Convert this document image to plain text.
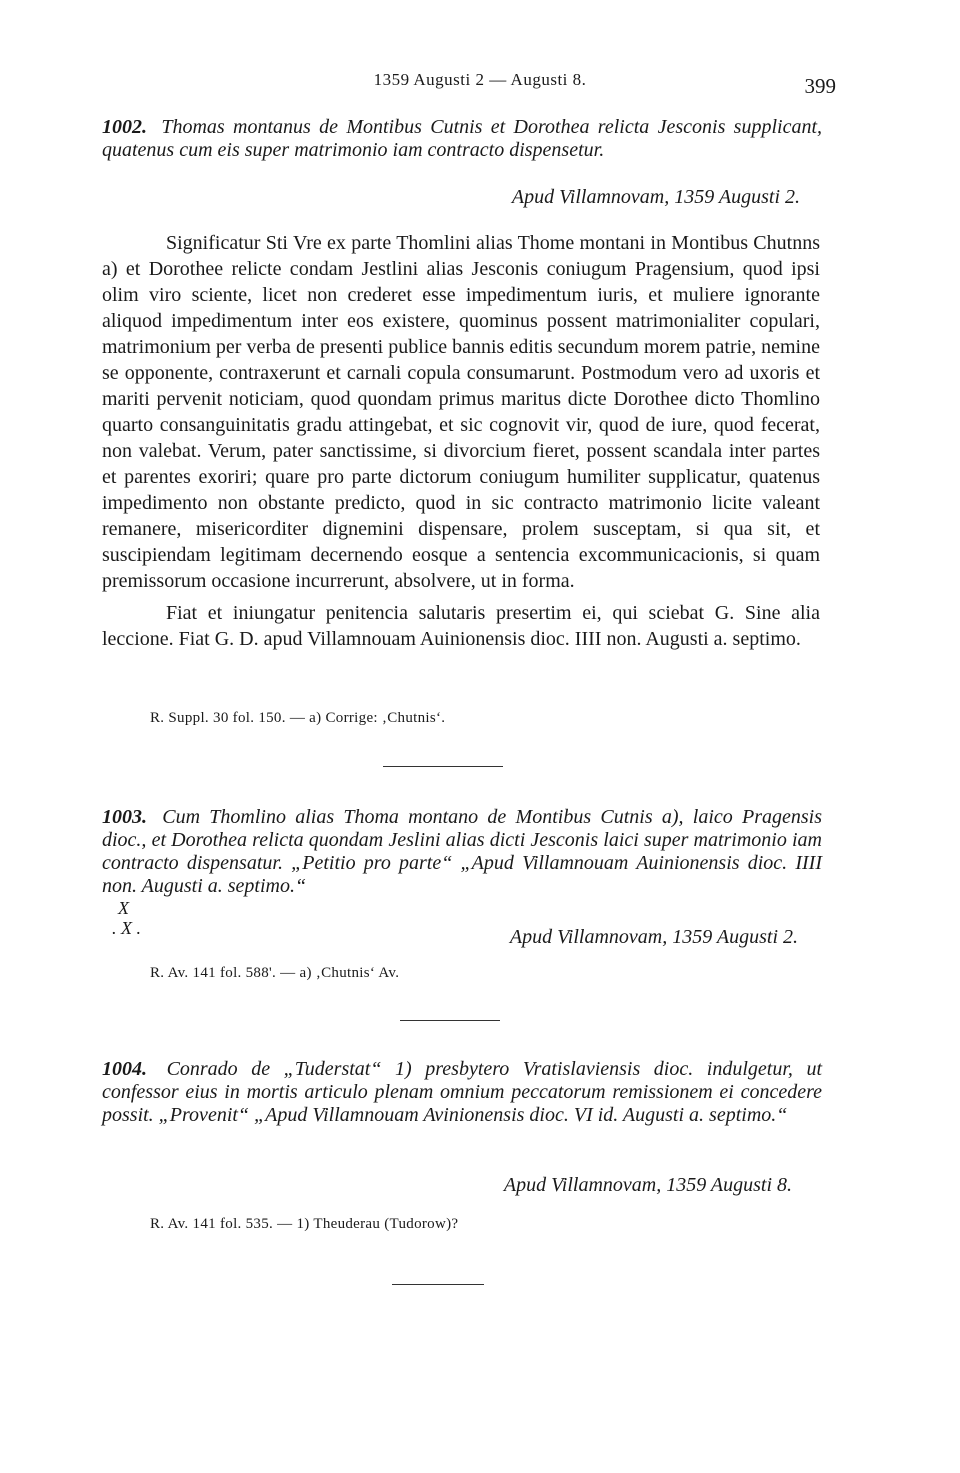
1359 Augusti 2 — Augusti 8.	399
1002. Thomas montanus de Montibus Cutnis et Dorothea relicta Jesconis supplicant, quatenus cum eis super matrimonio iam contracto dispensetur.
Apud Villamnovam, 1359 Augusti 2.

Significatur Sti Vre ex parte Thomlini alias Thome montani in Montibus Chutnns a) et Dorothee relicte condam Jestlini alias Jesconis coniugum Pragensium, quod ipsi olim viro sciente, licet non crederet esse impedimentum iuris, et muliere ignorante aliquod impedimentum inter eos existere, quominus possent matrimonialiter copulari, matrimonium per verba de presenti publice bannis editis secundum morem patrie, nemine se opponente, contraxerunt et carnali copula consumarunt. Postmodum vero ad uxoris et mariti pervenit noticiam, quod quondam primus maritus dicte Dorothee dicto Thomlino quarto consanguinitatis gradu attingebat, et sic cognovit vir, quod de iure, quod fecerat, non valebat. Verum, pater sanctissime, si divorcium fieret, possent scandala inter partes et parentes exoriri; quare pro parte dictorum coniugum humiliter supplicatur, quatenus impedimento non obstante predicto, quod in sic contracto matrimonio licite valeant remanere, misericorditer dignemini dispensare, prolem susceptam, si qua sit, et suscipiendam legitimam decernendo eosque a sentencia excommunicacionis, si quam premissorum occasione incurrerunt, absolvere, ut in forma.

Fiat et iniungatur penitencia salutaris presertim ei, qui sciebat G. Sine alia leccione. Fiat G. D. apud Villamnouam Auinionensis dioc. IIII non. Augusti a. septimo.

R. Suppl. 30 fol. 150. — a) Corrige: ‚Chutnis‘.
1003. Cum Thomlino alias Thoma montano de Montibus Cutnis a), laico Pragensis dioc., et Dorothea relicta quondam Jeslini alias dicti Jesconis laici super matrimonio iam contracto dispensatur. „Petitio pro parte“ „Apud Villamnouam Auinionensis dioc. IIII non. Augusti a. septimo.“
X
. X .	Apud Villamnovam, 1359 Augusti 2.
R. Av. 141 fol. 588'. — a) ‚Chutnis‘ Av.
1004. Conrado de „Tuderstat“ 1) presbytero Vratislaviensis dioc. indulgetur, ut confessor eius in mortis articulo plenam omnium peccatorum remissionem ei concedere possit. „Provenit“ „Apud Villamnouam Avinionensis dioc. VI id. Augusti a. septimo.“
Apud Villamnovam, 1359 Augusti 8.
R. Av. 141 fol. 535. — 1) Theuderau (Tudorow)?
